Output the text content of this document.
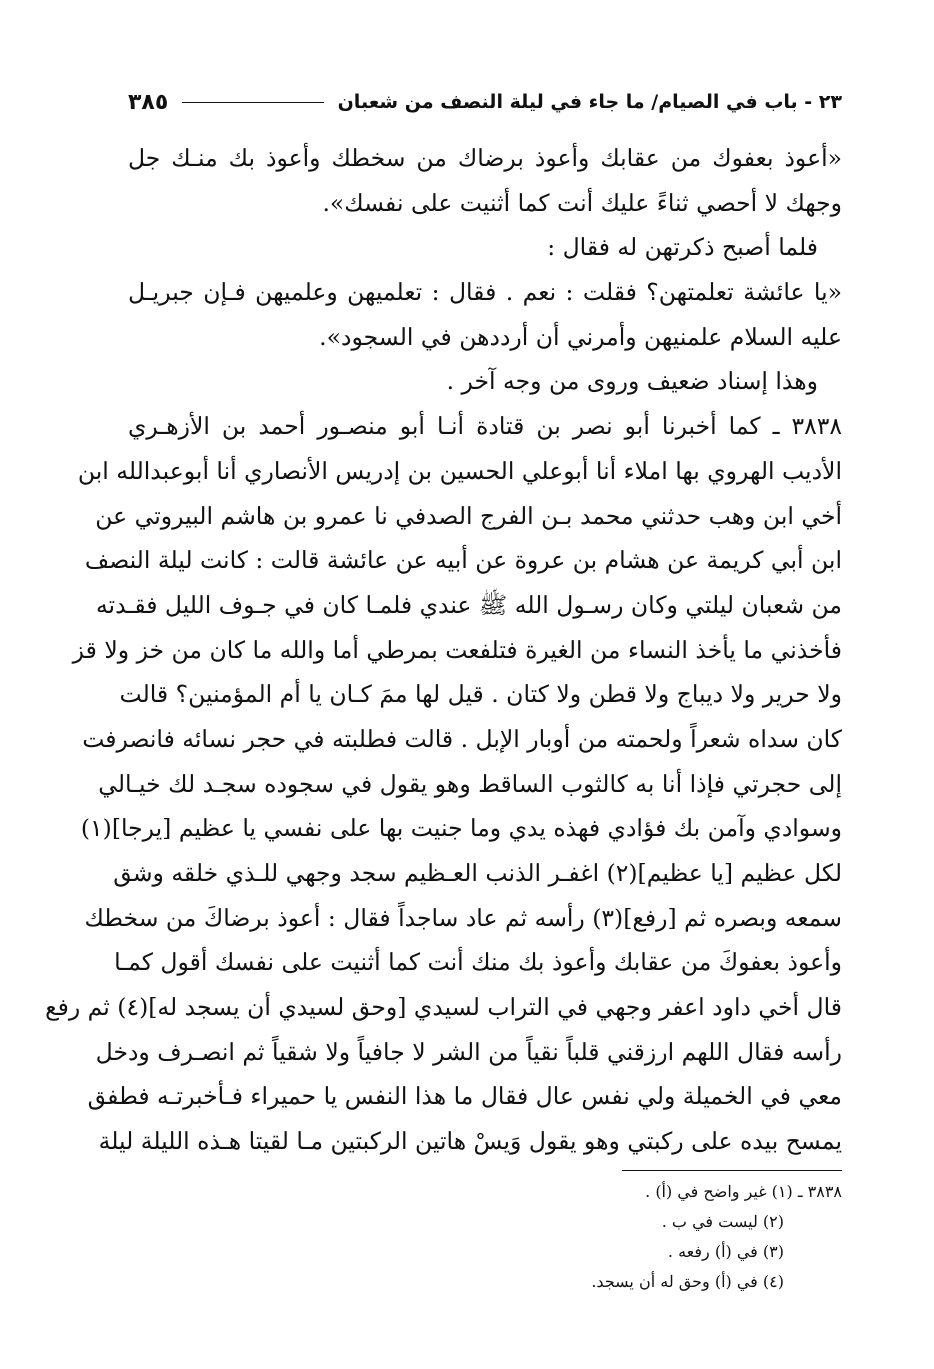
٢٣ - باب في الصيام/ ما جاء في ليلة النصف من شعبان
٣٨٥
«أعوذ بعفوك من عقابك وأعوذ برضاك من سخطك وأعوذ بك منـك جل
وجهك لا أحصي ثناءً عليك أنت كما أثنيت على نفسك».
فلما أصبح ذكرتهن له فقال :
«يا عائشة تعلمتهن؟ فقلت : نعم . فقال : تعلميهن وعلميهن فـإن جبريـل
عليه السلام علمنيهن وأمرني أن أرددهن في السجود».
وهذا إسناد ضعيف وروى من وجه آخر .
٣٨٣٨ ـ كما أخبرنا أبو نصر بن قتادة أنـا أبو منصـور أحمد بن الأزهـري
الأديب الهروي بها املاء أنا أبوعلي الحسين بن إدريس الأنصاري أنا أبوعبدالله ابن
أخي ابن وهب حدثني محمد بـن الفرج الصدفي نا عمرو بن هاشم البيروتي عن
ابن أبي كريمة عن هشام بن عروة عن أبيه عن عائشة قالت : كانت ليلة النصف
من شعبان ليلتي وكان رسـول الله ﷺ عندي فلمـا كان في جـوف الليل فقـدته
فأخذني ما يأخذ النساء من الغيرة فتلفعت بمرطي أما والله ما كان من خز ولا قز
ولا حرير ولا ديباج ولا قطن ولا كتان . قيل لها ممَ كـان يا أم المؤمنين؟ قالت
كان سداه شعراً ولحمته من أوبار الإبل . قالت فطلبته في حجر نسائه فانصرفت
إلى حجرتي فإذا أنا به كالثوب الساقط وهو يقول في سجوده سجـد لك خيـالي
وسوادي وآمن بك فؤادي فهذه يدي وما جنيت بها على نفسي يا عظيم [يرجا](١)
لكل عظيم [يا عظيم](٢) اغفـر الذنب العـظيم سجد وجهي للـذي خلقه وشق
سمعه وبصره ثم [رفع](٣) رأسه ثم عاد ساجداً فقال : أعوذ برضاكَ من سخطك
وأعوذ بعفوكَ من عقابك وأعوذ بك منك أنت كما أثنيت على نفسك أقول كمـا
قال أخي داود اعفر وجهي في التراب لسيدي [وحق لسيدي أن يسجد له](٤) ثم رفع
رأسه فقال اللهم ارزقني قلباً نقياً من الشر لا جافياً ولا شقياً ثم انصـرف ودخل
معي في الخميلة ولي نفس عال فقال ما هذا النفس يا حميراء فـأخبرتـه فطفق
يمسح بيده على ركبتي وهو يقول وَيسْ هاتين الركبتين مـا لقيتا هـذه الليلة ليلة
٣٨٣٨ ـ (١) غير واضح في (أ) .
(٢) ليست في ب .
(٣) في (أ) رفعه .
(٤) في (أ) وحق له أن يسجد.
